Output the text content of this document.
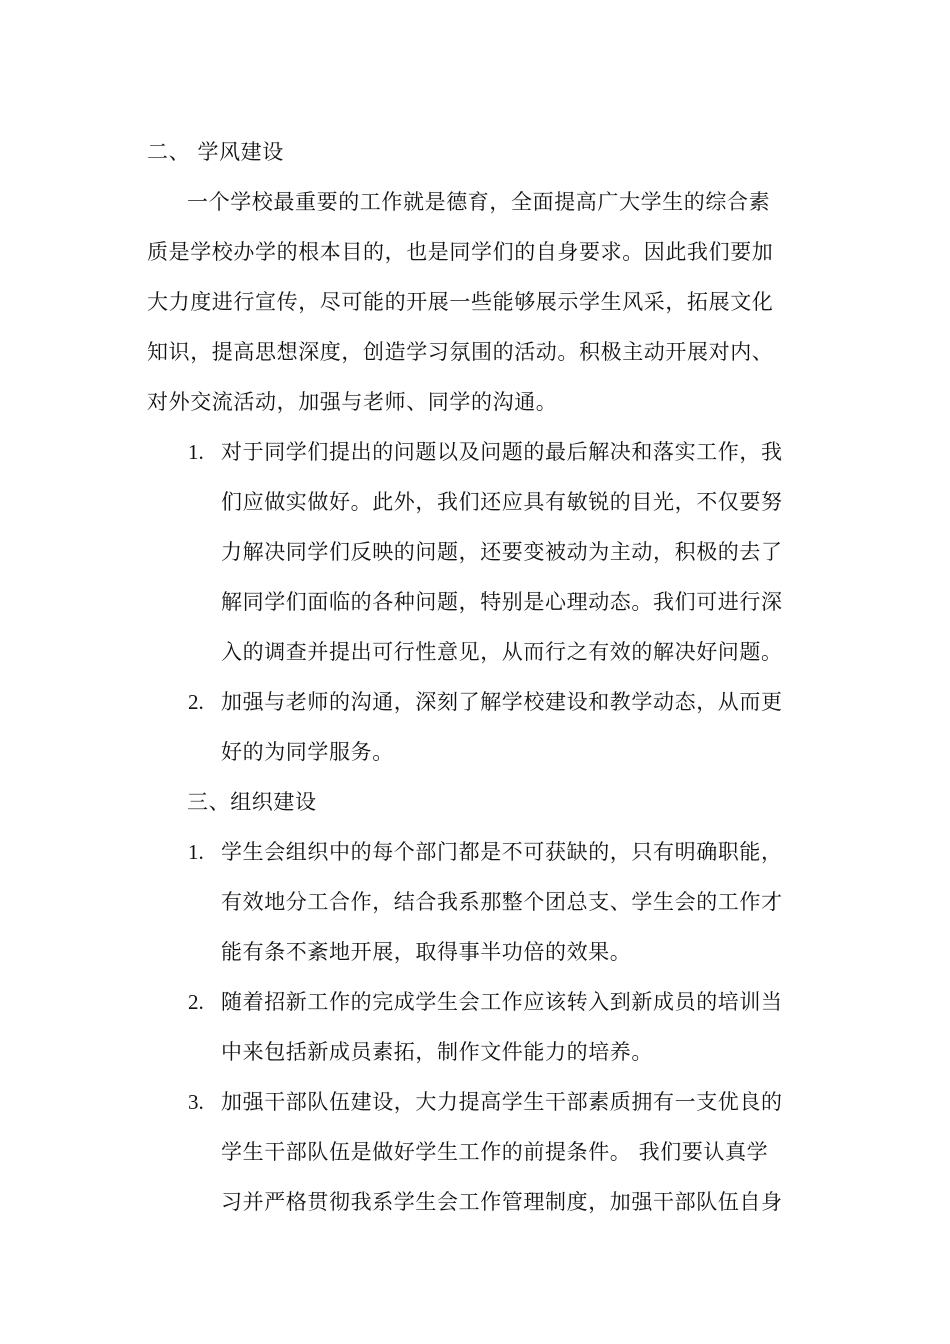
二、 学风建设
一个学校最重要的工作就是德育，全面提高广大学生的综合素
质是学校办学的根本目的，也是同学们的自身要求。因此我们要加
大力度进行宣传，尽可能的开展一些能够展示学生风采，拓展文化
知识，提高思想深度，创造学习氛围的活动。积极主动开展对内、
对外交流活动，加强与老师、同学的沟通。
1. 对于同学们提出的问题以及问题的最后解决和落实工作，我
们应做实做好。此外，我们还应具有敏锐的目光，不仅要努
力解决同学们反映的问题，还要变被动为主动，积极的去了
解同学们面临的各种问题，特别是心理动态。我们可进行深
入的调查并提出可行性意见，从而行之有效的解决好问题。
2. 加强与老师的沟通，深刻了解学校建设和教学动态，从而更
好的为同学服务。
三、组织建设
1. 学生会组织中的每个部门都是不可获缺的，只有明确职能，
有效地分工合作，结合我系那整个团总支、学生会的工作才
能有条不紊地开展，取得事半功倍的效果。
2. 随着招新工作的完成学生会工作应该转入到新成员的培训当
中来包括新成员素拓，制作文件能力的培养。
3. 加强干部队伍建设，大力提高学生干部素质拥有一支优良的
学生干部队伍是做好学生工作的前提条件。 我们要认真学
习并严格贯彻我系学生会工作管理制度，加强干部队伍自身
